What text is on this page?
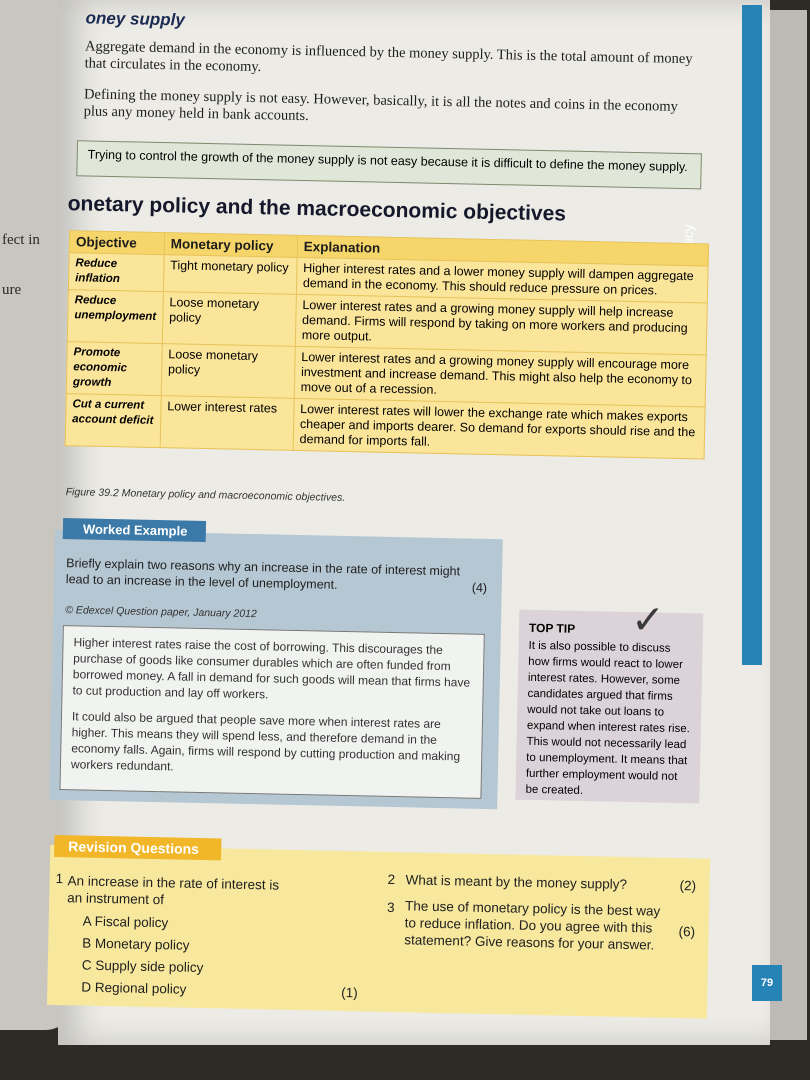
fect in
ure

oney supply

Aggregate demand in the economy is influenced by the money supply. This is the total amount of money that circulates in the economy.

Defining the money supply is not easy. However, basically, it is all the notes and coins in the economy plus any money held in bank accounts.

Trying to control the growth of the money supply is not easy because it is difficult to define the money supply.

onetary policy and the macroeconomic objectives

Objective	Monetary policy	Explanation
Reduce inflation	Tight monetary policy	Higher interest rates and a lower money supply will dampen aggregate demand in the economy. This should reduce pressure on prices.
Reduce unemployment	Loose monetary policy	Lower interest rates and a growing money supply will help increase demand. Firms will respond by taking on more workers and producing more output.
Promote economic growth	Loose monetary policy	Lower interest rates and a growing money supply will encourage more investment and increase demand. This might also help the economy to move out of a recession.
Cut a current account deficit	Lower interest rates	Lower interest rates will lower the exchange rate which makes exports cheaper and imports dearer. So demand for exports should rise and the demand for imports fall.

Figure 39.2 Monetary policy and macroeconomic objectives.

Worked Example

Briefly explain two reasons why an increase in the rate of interest might lead to an increase in the level of unemployment.	(4)

© Edexcel Question paper, January 2012

Higher interest rates raise the cost of borrowing. This discourages the purchase of goods like consumer durables which are often funded from borrowed money. A fall in demand for such goods will mean that firms have to cut production and lay off workers.

It could also be argued that people save more when interest rates are higher. This means they will spend less, and therefore demand in the economy falls. Again, firms will respond by cutting production and making workers redundant.

TOP TIP
It is also possible to discuss how firms would react to lower interest rates. However, some candidates argued that firms would not take out loans to expand when interest rates rise. This would not necessarily lead to unemployment. It means that further employment would not be created.
✓
Revision Questions

1 An increase in the rate of interest is an instrument of

A Fiscal policy

B Monetary policy

C Supply side policy

D Regional policy	(1)

2 What is meant by the money supply?	(2)

3 The use of monetary policy is the best way to reduce inflation. Do you agree with this statement? Give reasons for your answer.

(6)

79
